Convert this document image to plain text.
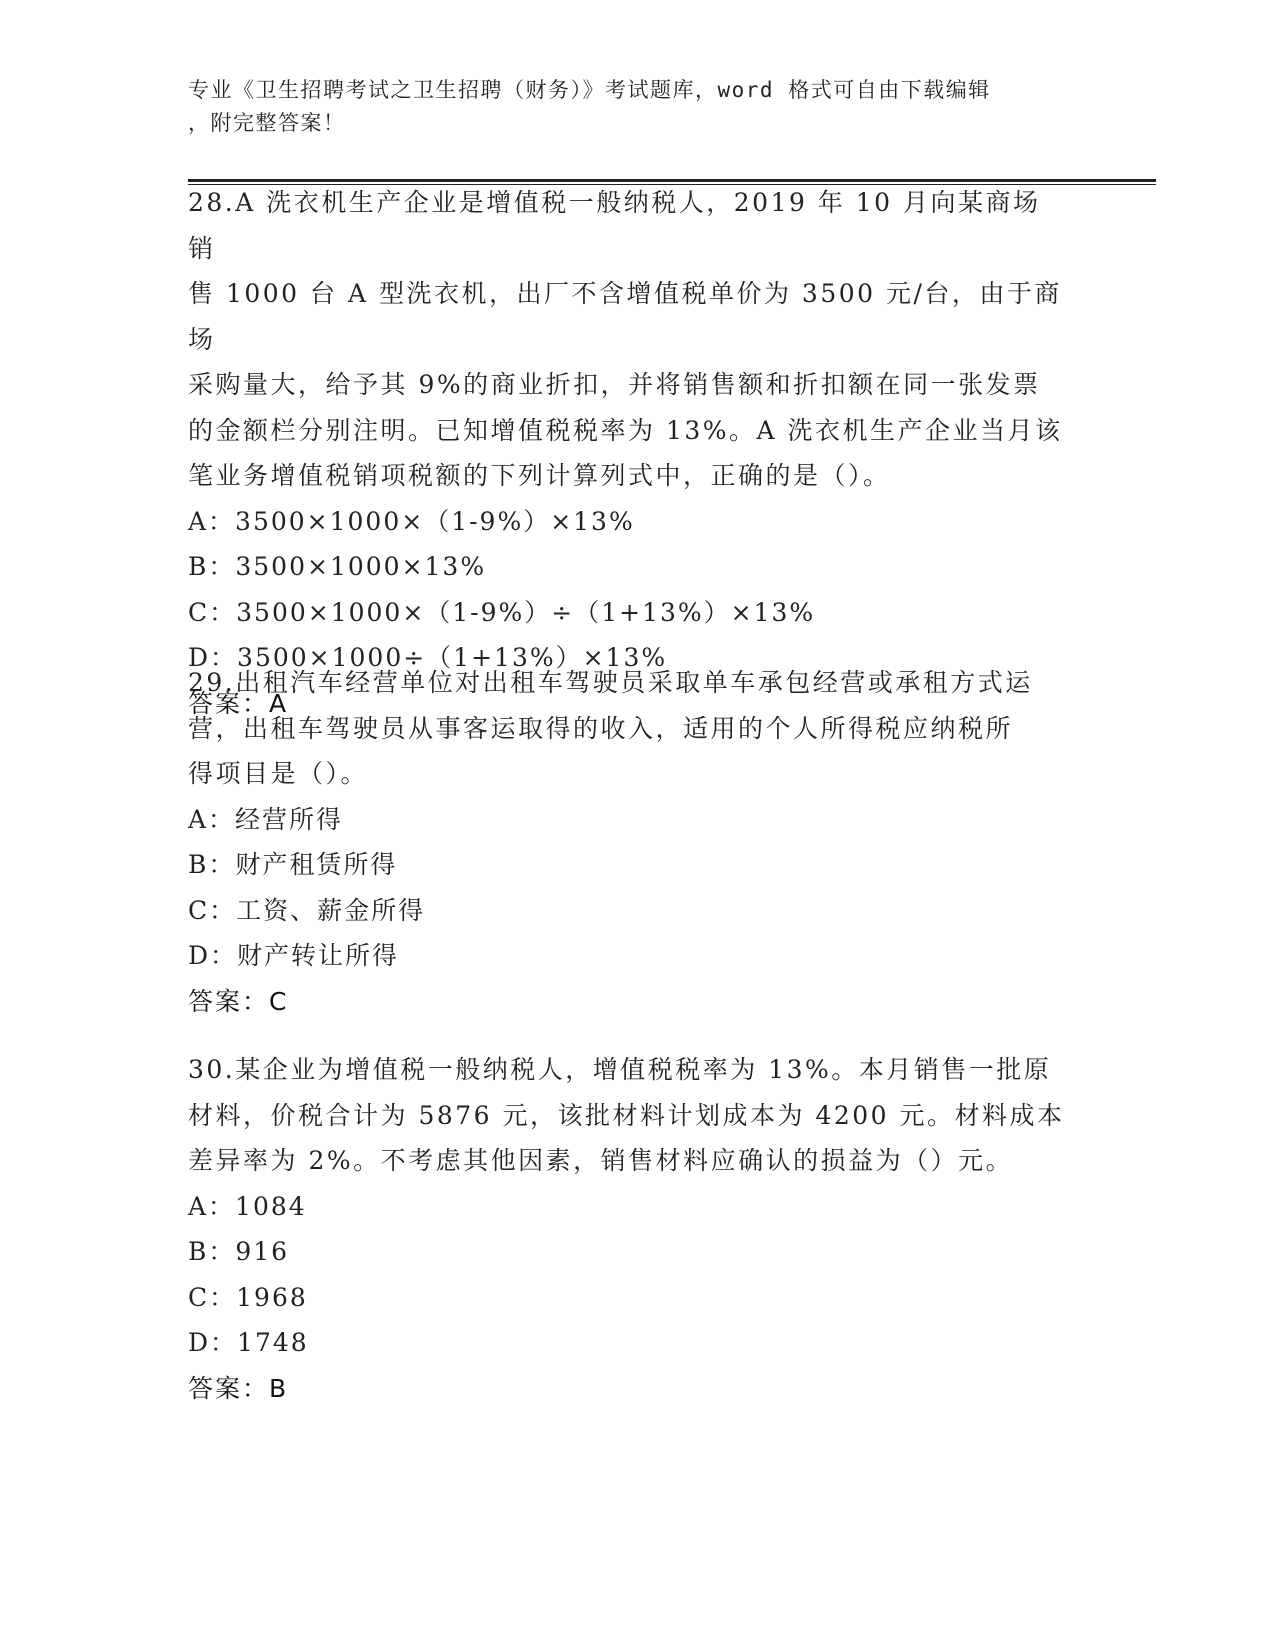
专业《卫生招聘考试之卫生招聘（财务）》考试题库，word 格式可自由下载编辑
，附完整答案！

28.A 洗衣机生产企业是增值税一般纳税人，2019 年 10 月向某商场销

售 1000 台 A 型洗衣机，出厂不含增值税单价为 3500 元/台，由于商场

采购量大，给予其 9%的商业折扣，并将销售额和折扣额在同一张发票

的金额栏分别注明。已知增值税税率为 13%。A 洗衣机生产企业当月该

笔业务增值税销项税额的下列计算列式中，正确的是（）。

A：3500×1000×（1-9%）×13%

B：3500×1000×13%

C：3500×1000×（1-9%）÷（1+13%）×13%

D：3500×1000÷（1+13%）×13%

答案：A

29.出租汽车经营单位对出租车驾驶员采取单车承包经营或承租方式运

营，出租车驾驶员从事客运取得的收入，适用的个人所得税应纳税所

得项目是（）。

A：经营所得

B：财产租赁所得

C：工资、薪金所得

D：财产转让所得

答案：C

30.某企业为增值税一般纳税人，增值税税率为 13%。本月销售一批原

材料，价税合计为 5876 元，该批材料计划成本为 4200 元。材料成本

差异率为 2%。不考虑其他因素，销售材料应确认的损益为（）元。

A：1084

B：916

C：1968

D：1748

答案：B
